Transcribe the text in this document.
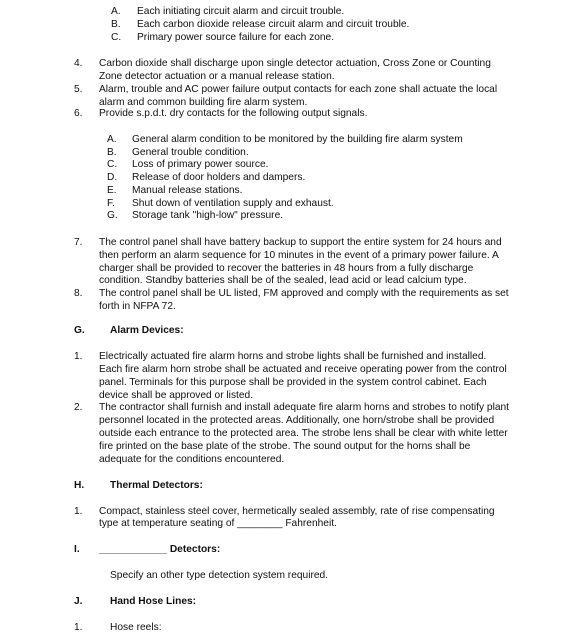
A. Each initiating circuit alarm and circuit trouble.
B. Each carbon dioxide release circuit alarm and circuit trouble.
C. Primary power source failure for each zone.
4. Carbon dioxide shall discharge upon single detector actuation, Cross Zone or Counting
Zone detector actuation or a manual release station.
5. Alarm, trouble and AC power failure output contacts for each zone shall actuate the local
alarm and common building fire alarm system.
6. Provide s.p.d.t. dry contacts for the following output signals.
A. General alarm condition to be monitored by the building fire alarm system
B. General trouble condition.
C. Loss of primary power source.
D. Release of door holders and dampers.
E. Manual release stations.
F. Shut down of ventilation supply and exhaust.
G. Storage tank "high-low" pressure.
7. The control panel shall have battery backup to support the entire system for 24 hours and
then perform an alarm sequence for 10 minutes in the event of a primary power failure. A
charger shall be provided to recover the batteries in 48 hours from a fully discharge
condition. Standby batteries shall be of the sealed, lead acid or lead calcium type.
8. The control panel shall be UL listed, FM approved and comply with the requirements as set
forth in NFPA 72.
G. Alarm Devices:
1. Electrically actuated fire alarm horns and strobe lights shall be furnished and installed.
Each fire alarm horn strobe shall be actuated and receive operating power from the control
panel. Terminals for this purpose shall be provided in the system control cabinet. Each
device shall be approved or listed.
2. The contractor shall furnish and install adequate fire alarm horns and strobes to notify plant
personnel located in the protected areas. Additionally, one horn/strobe shall be provided
outside each entrance to the protected area. The strobe lens shall be clear with white letter
fire printed on the base plate of the strobe. The sound output for the horns shall be
adequate for the conditions encountered.
H.	Thermal Detectors:
1. Compact, stainless steel cover, hermetically sealed assembly, rate of rise compensating
type at temperature seating of ________ Fahrenheit.
I. ____________ Detectors:
Specify an other type detection system required.
J.	Hand Hose Lines:
1.	Hose reels:
